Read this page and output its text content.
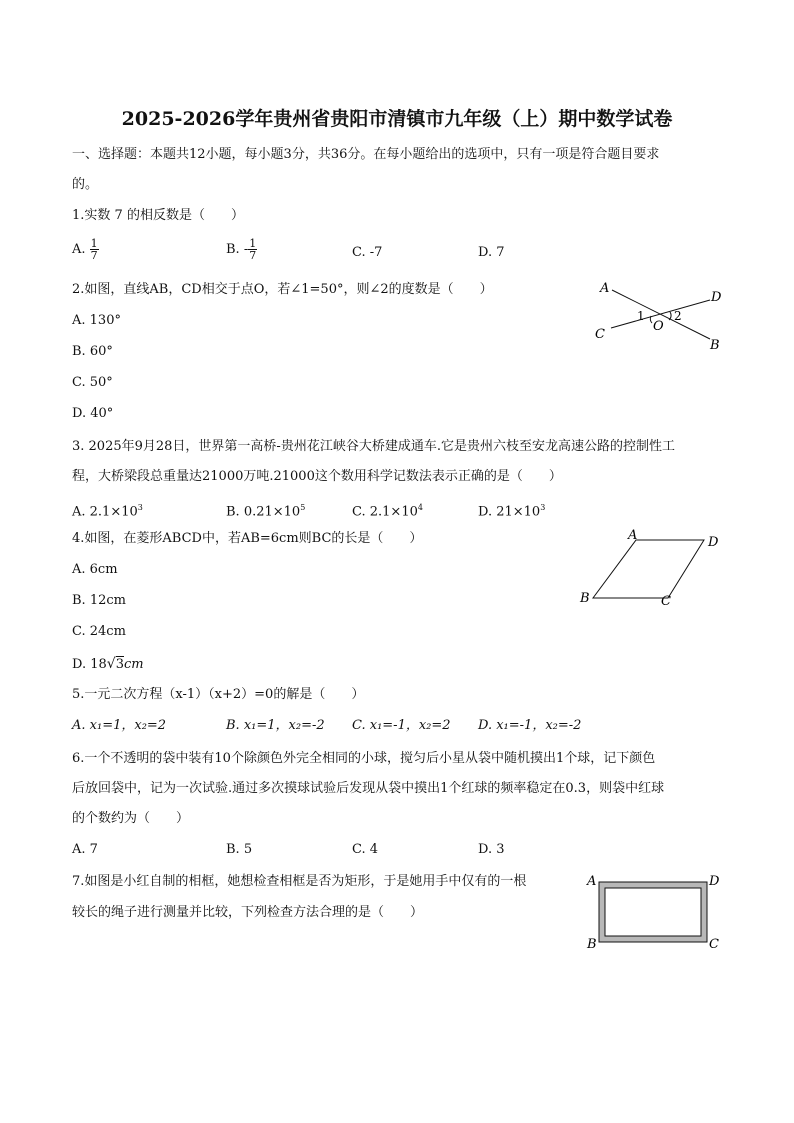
2025-2026学年贵州省贵阳市清镇市九年级（上）期中数学试卷
一、选择题：本题共12小题，每小题3分，共36分。在每小题给出的选项中，只有一项是符合题目要求
的。
1.实数 7 的相反数是（　　）
A. $\frac{1}{7}$	B. - $\frac{1}{7}$	C. -7	D. 7
2.如图，直线AB，CD相交于点O，若∠1=50°，则∠2的度数是（　　）
A. 130°
B. 60°
C. 50°
D. 40°
A
B
C
D
O
1 2
3. 2025年9月28日，世界第一高桥-贵州花江峡谷大桥建成通车.它是贵州六枝至安龙高速公路的控制性工
程，大桥梁段总重量达21000万吨.21000这个数用科学记数法表示正确的是（　　）
A. $2.1\times 10^3$	B. $0.21\times 10^5$	C. $2.1\times 10^4$	D. $21\times 10^3$
4.如图，在菱形ABCD中，若AB=6cm则BC的长是（　　）
A. 6cm
B. 12cm
C. 24cm
D. 18√3cm
A	D
B	C
5.一元二次方程（x-1）（x+2）=0的解是（　　）
A. x₁=1，x₂=2	B. x₁=1，x₂=-2 C. x₁=-1，x₂=2 D. x₁=-1，x₂=-2
6.一个不透明的袋中装有10个除颜色外完全相同的小球，搅匀后小星从袋中随机摸出1个球，记下颜色
后放回袋中，记为一次试验.通过多次摸球试验后发现从袋中摸出1个红球的频率稳定在0.3，则袋中红球
的个数约为（　　）
A. 7	B. 5	C. 4	D. 3
7.如图是小红自制的相框，她想检查相框是否为矩形，于是她用手中仅有的一根
较长的绳子进行测量并比较，下列检查方法合理的是（　　）
A	D
B	C
